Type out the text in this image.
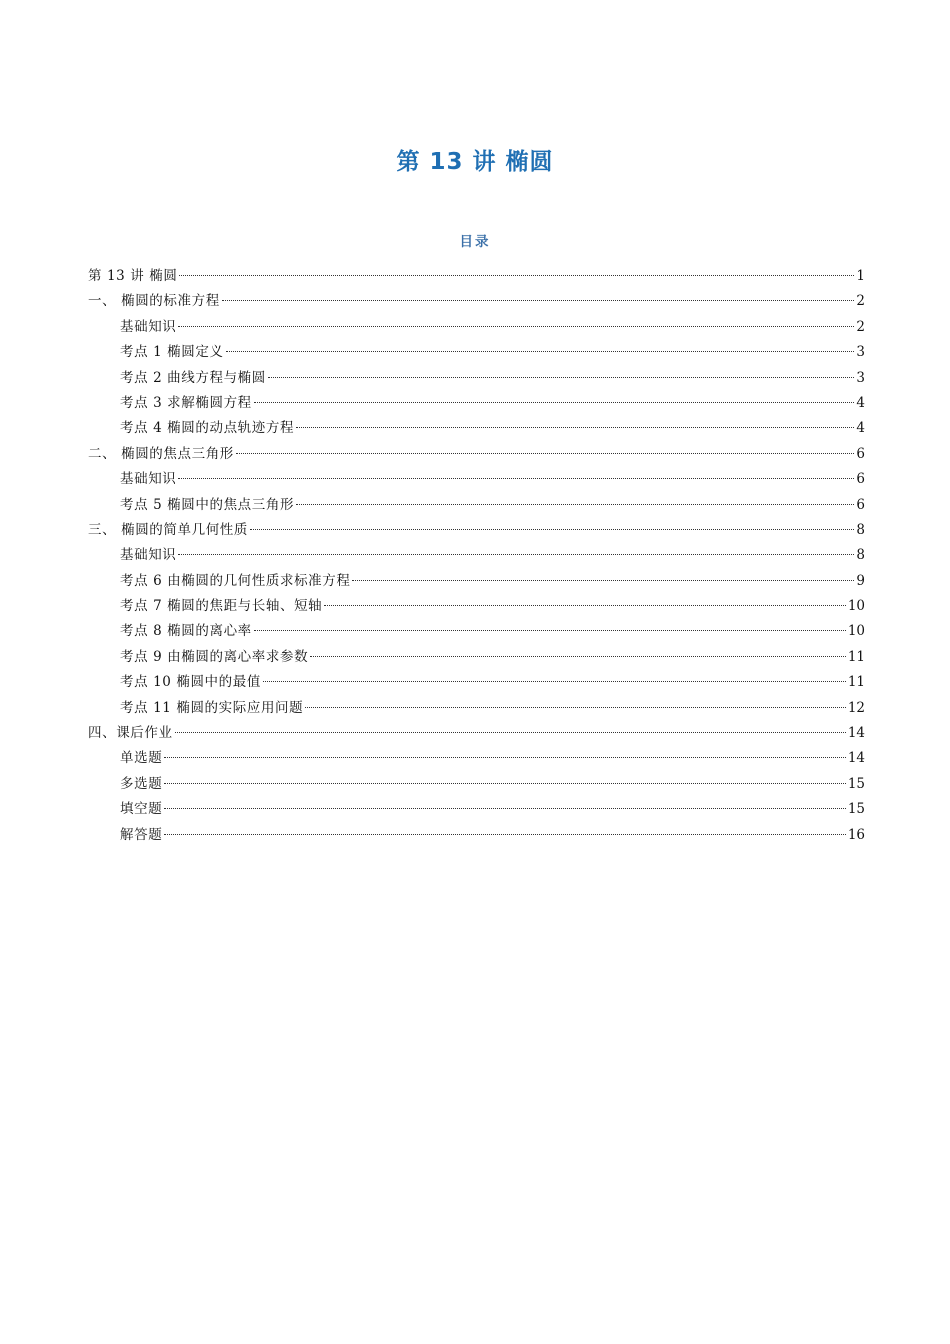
第 13 讲 椭圆
目录
第 13 讲 椭圆	1
一、 椭圆的标准方程	2
基础知识	2
考点 1 椭圆定义	3
考点 2 曲线方程与椭圆	3
考点 3 求解椭圆方程	4
考点 4 椭圆的动点轨迹方程	4
二、 椭圆的焦点三角形	6
基础知识	6
考点 5 椭圆中的焦点三角形	6
三、 椭圆的简单几何性质	8
基础知识	8
考点 6 由椭圆的几何性质求标准方程	9
考点 7 椭圆的焦距与长轴、短轴	10
考点 8 椭圆的离心率	10
考点 9 由椭圆的离心率求参数	11
考点 10 椭圆中的最值	11
考点 11 椭圆的实际应用问题	12
四、课后作业	14
单选题	14
多选题	15
填空题	15
解答题	16
